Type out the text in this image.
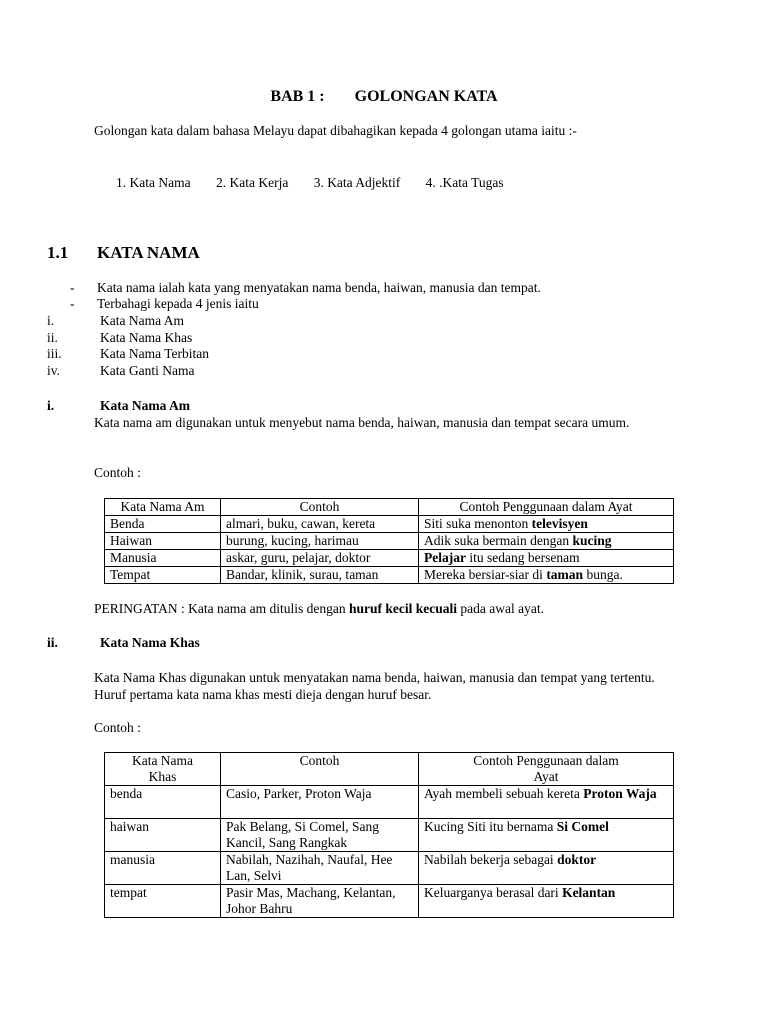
BAB 1 : GOLONGAN KATA
Golongan kata dalam bahasa Melayu dapat dibahagikan kepada 4 golongan utama iaitu :-
1. Kata Nama 2. Kata Kerja 3. Kata Adjektif 4. .Kata Tugas
1.1 KATA NAMA
- Kata nama ialah kata yang menyatakan nama benda, haiwan, manusia dan tempat.
- Terbahagi kepada 4 jenis iaitu
i.	Kata Nama Am
ii.	Kata Nama Khas
iii.	Kata Nama Terbitan
iv.	Kata Ganti Nama
i.	Kata Nama Am
Kata nama am digunakan untuk menyebut nama benda, haiwan, manusia dan tempat secara umum.
Contoh :
Kata Nama Am	Contoh	Contoh Penggunaan dalam Ayat
Benda	almari, buku, cawan, kereta	Siti suka menonton televisyen
Haiwan	burung, kucing, harimau	Adik suka bermain dengan kucing
Manusia	askar, guru, pelajar, doktor	Pelajar itu sedang bersenam
Tempat	Bandar, klinik, surau, taman	Mereka bersiar-siar di taman bunga.
PERINGATAN : Kata nama am ditulis dengan huruf kecil kecuali pada awal ayat.
ii.	Kata Nama Khas
Kata Nama Khas digunakan untuk menyatakan nama benda, haiwan, manusia dan tempat yang tertentu. Huruf pertama kata nama khas mesti dieja dengan huruf besar.
Contoh :
Kata Nama Khas	Contoh	Contoh Penggunaan dalam Ayat
benda	Casio, Parker, Proton Waja	Ayah membeli sebuah kereta Proton Waja
haiwan	Pak Belang, Si Comel, Sang Kancil, Sang Rangkak	Kucing Siti itu bernama Si Comel
manusia	Nabilah, Nazihah, Naufal, Hee Lan, Selvi	Nabilah bekerja sebagai doktor
tempat	Pasir Mas, Machang, Kelantan, Johor Bahru	Keluarganya berasal dari Kelantan
